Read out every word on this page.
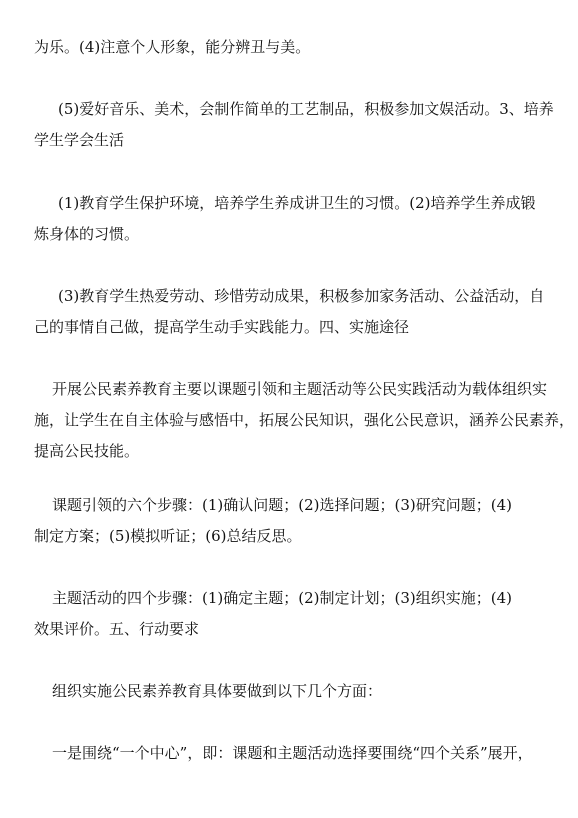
为乐。(4)注意个人形象，能分辨丑与美。

(5)爱好音乐、美术，会制作简单的工艺制品，积极参加文娱活动。3、培养
学生学会生活

(1)教育学生保护环境，培养学生养成讲卫生的习惯。(2)培养学生养成锻
炼身体的习惯。

(3)教育学生热爱劳动、珍惜劳动成果，积极参加家务活动、公益活动，自
己的事情自己做，提高学生动手实践能力。四、实施途径

开展公民素养教育主要以课题引领和主题活动等公民实践活动为载体组织实
施，让学生在自主体验与感悟中，拓展公民知识，强化公民意识，涵养公民素养，
提高公民技能。

课题引领的六个步骤：(1)确认问题；(2)选择问题；(3)研究问题；(4)
制定方案；(5)模拟听证；(6)总结反思。

主题活动的四个步骤：(1)确定主题；(2)制定计划；(3)组织实施；(4)
效果评价。五、行动要求

组织实施公民素养教育具体要做到以下几个方面：

一是围绕“一个中心”，即：课题和主题活动选择要围绕“四个关系”展开，
